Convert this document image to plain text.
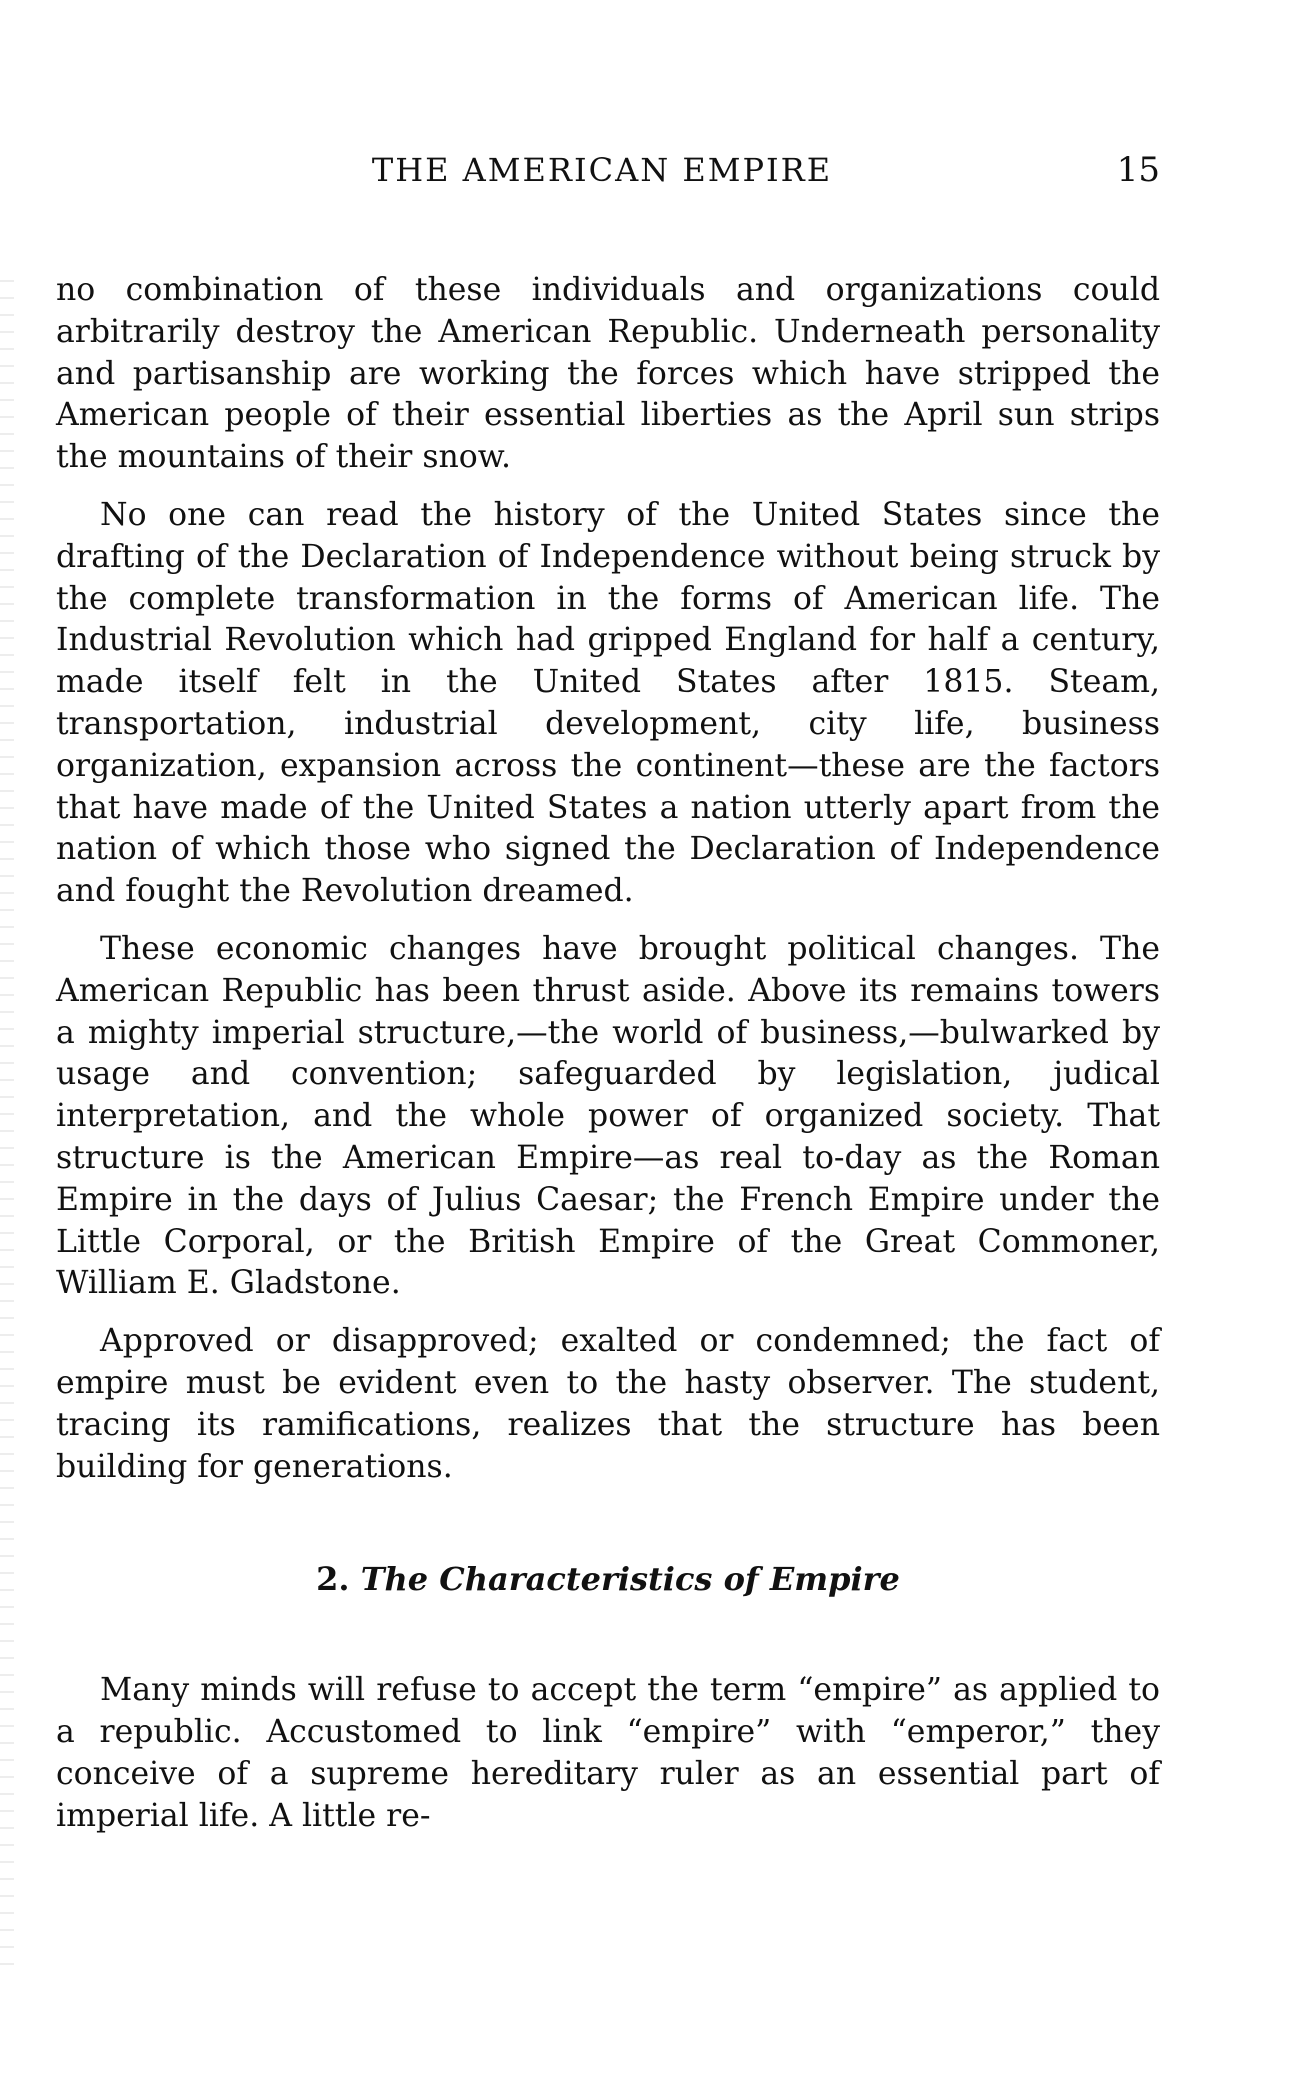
THE AMERICAN EMPIRE	15

no combination of these individuals and organizations could arbitrarily destroy the American Republic. Underneath personality and partisanship are working the forces which have stripped the American people of their essential liberties as the April sun strips the mountains of their snow.

No one can read the history of the United States since the drafting of the Declaration of Independence without being struck by the complete transformation in the forms of American life. The Industrial Revolution which had gripped England for half a century, made itself felt in the United States after 1815. Steam, transportation, industrial development, city life, business organization, expansion across the continent—these are the factors that have made of the United States a nation utterly apart from the nation of which those who signed the Declaration of Independence and fought the Revolution dreamed.

These economic changes have brought political changes. The American Republic has been thrust aside. Above its remains towers a mighty imperial structure,—the world of business,—bulwarked by usage and convention; safeguarded by legislation, judical interpretation, and the whole power of organized society. That structure is the American Empire—as real to-day as the Roman Empire in the days of Julius Caesar; the French Empire under the Little Corporal, or the British Empire of the Great Commoner, William E. Gladstone.

Approved or disapproved; exalted or condemned; the fact of empire must be evident even to the hasty observer. The student, tracing its ramifications, realizes that the structure has been building for generations.

2. The Characteristics of Empire

Many minds will refuse to accept the term “empire” as applied to a republic. Accustomed to link “empire” with “emperor,” they conceive of a supreme hereditary ruler as an essential part of imperial life. A little re-
